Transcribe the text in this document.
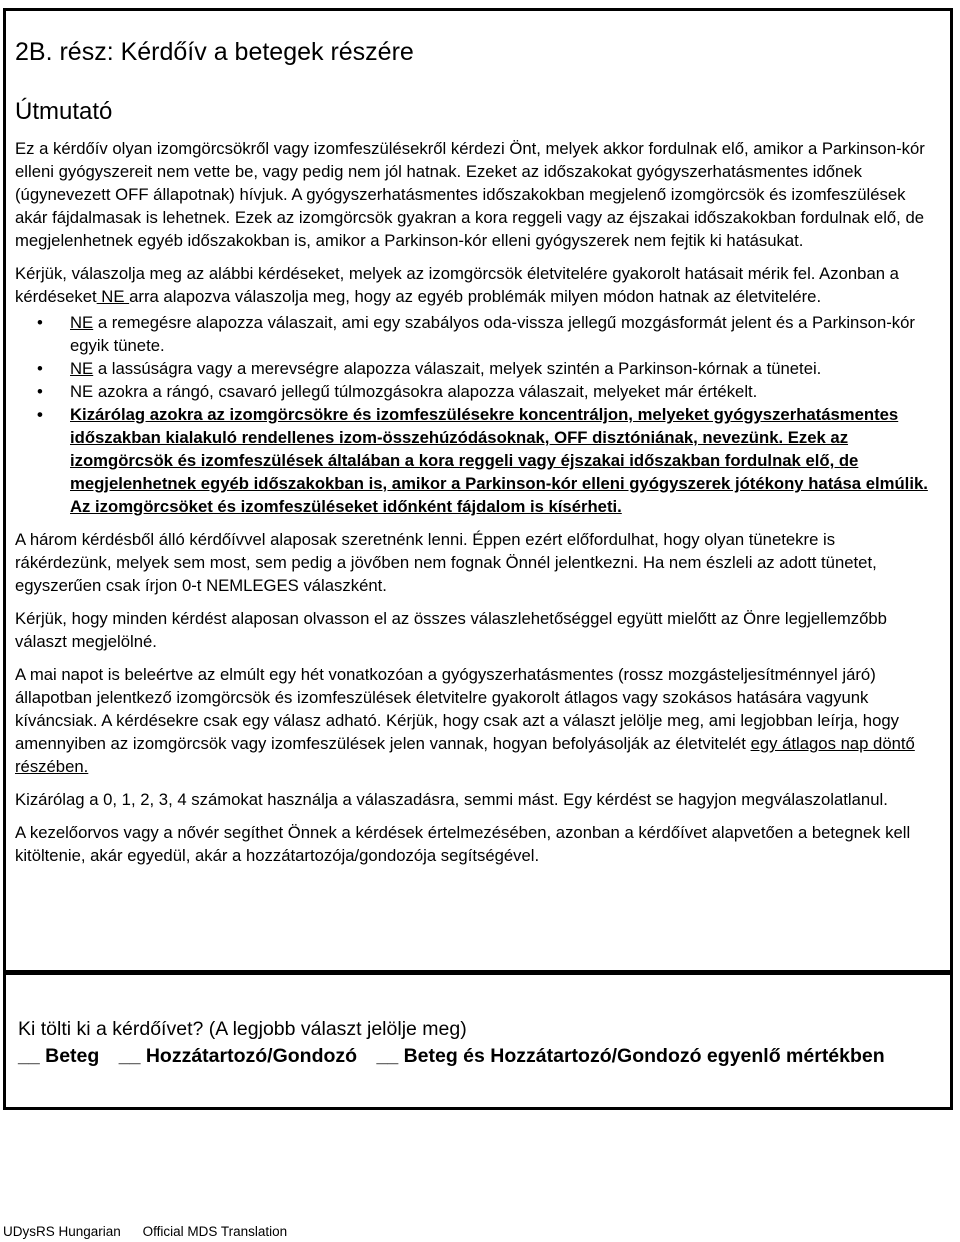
2B. rész: Kérdőív a betegek részére
Útmutató

Ez a kérdőív olyan izomgörcsökről vagy izomfeszülésekről kérdezi Önt, melyek akkor fordulnak elő, amikor a Parkinson-kór elleni gyógyszereit nem vette be, vagy pedig nem jól hatnak. Ezeket az időszakokat gyógyszerhatásmentes időnek (úgynevezett OFF állapotnak) hívjuk. A gyógyszerhatásmentes időszakokban megjelenő izomgörcsök és izomfeszülések akár fájdalmasak is lehetnek. Ezek az izomgörcsök gyakran a kora reggeli vagy az éjszakai időszakokban fordulnak elő, de megjelenhetnek egyéb időszakokban is, amikor a Parkinson-kór elleni gyógyszerek nem fejtik ki hatásukat.

Kérjük, válaszolja meg az alábbi kérdéseket, melyek az izomgörcsök életvitelére gyakorolt hatásait mérik fel. Azonban a kérdéseket NE arra alapozva válaszolja meg, hogy az egyéb problémák milyen módon hatnak az életvitelére.

• NE a remegésre alapozza válaszait, ami egy szabályos oda-vissza jellegű mozgásformát jelent és a Parkinson-kór egyik tünete.
• NE a lassúságra vagy a merevségre alapozza válaszait, melyek szintén a Parkinson-kórnak a tünetei.
• NE azokra a rángó, csavaró jellegű túlmozgásokra alapozza válaszait, melyeket már értékelt.
• Kizárólag azokra az izomgörcsökre és izomfeszülésekre koncentráljon, melyeket gyógyszerhatásmentes időszakban kialakuló rendellenes izom-összehúzódásoknak, OFF disztóniának, nevezünk. Ezek az izomgörcsök és izomfeszülések általában a kora reggeli vagy éjszakai időszakban fordulnak elő, de megjelenhetnek egyéb időszakokban is, amikor a Parkinson-kór elleni gyógyszerek jótékony hatása elmúlik. Az izomgörcsöket és izomfeszüléseket időnként fájdalom is kísérheti.

A három kérdésből álló kérdőívvel alaposak szeretnénk lenni. Éppen ezért előfordulhat, hogy olyan tünetekre is rákérdezünk, melyek sem most, sem pedig a jövőben nem fognak Önnél jelentkezni. Ha nem észleli az adott tünetet, egyszerűen csak írjon 0-t NEMLEGES válaszként.

Kérjük, hogy minden kérdést alaposan olvasson el az összes válaszlehetőséggel együtt mielőtt az Önre legjellemzőbb választ megjelölné.

A mai napot is beleértve az elmúlt egy hét vonatkozóan a gyógyszerhatásmentes (rossz mozgásteljesítménnyel járó) állapotban jelentkező izomgörcsök és izomfeszülések életvitelre gyakorolt átlagos vagy szokásos hatására vagyunk kíváncsiak. A kérdésekre csak egy válasz adható. Kérjük, hogy csak azt a választ jelölje meg, ami legjobban leírja, hogy amennyiben az izomgörcsök vagy izomfeszülések jelen vannak, hogyan befolyásolják az életvitelét egy átlagos nap döntő részében.

Kizárólag a 0, 1, 2, 3, 4 számokat használja a válaszadásra, semmi mást. Egy kérdést se hagyjon megválaszolatlanul.

A kezelőorvos vagy a nővér segíthet Önnek a kérdések értelmezésében, azonban a kérdőívet alapvetően a betegnek kell kitöltenie, akár egyedül, akár a hozzátartozója/gondozója segítségével.

Ki tölti ki a kérdőívet? (A legjobb választ jelölje meg)

__ Beteg __ Hozzátartozó/Gondozó __ Beteg és Hozzátartozó/Gondozó egyenlő mértékben
UDysRS Hungarian Official MDS Translation
